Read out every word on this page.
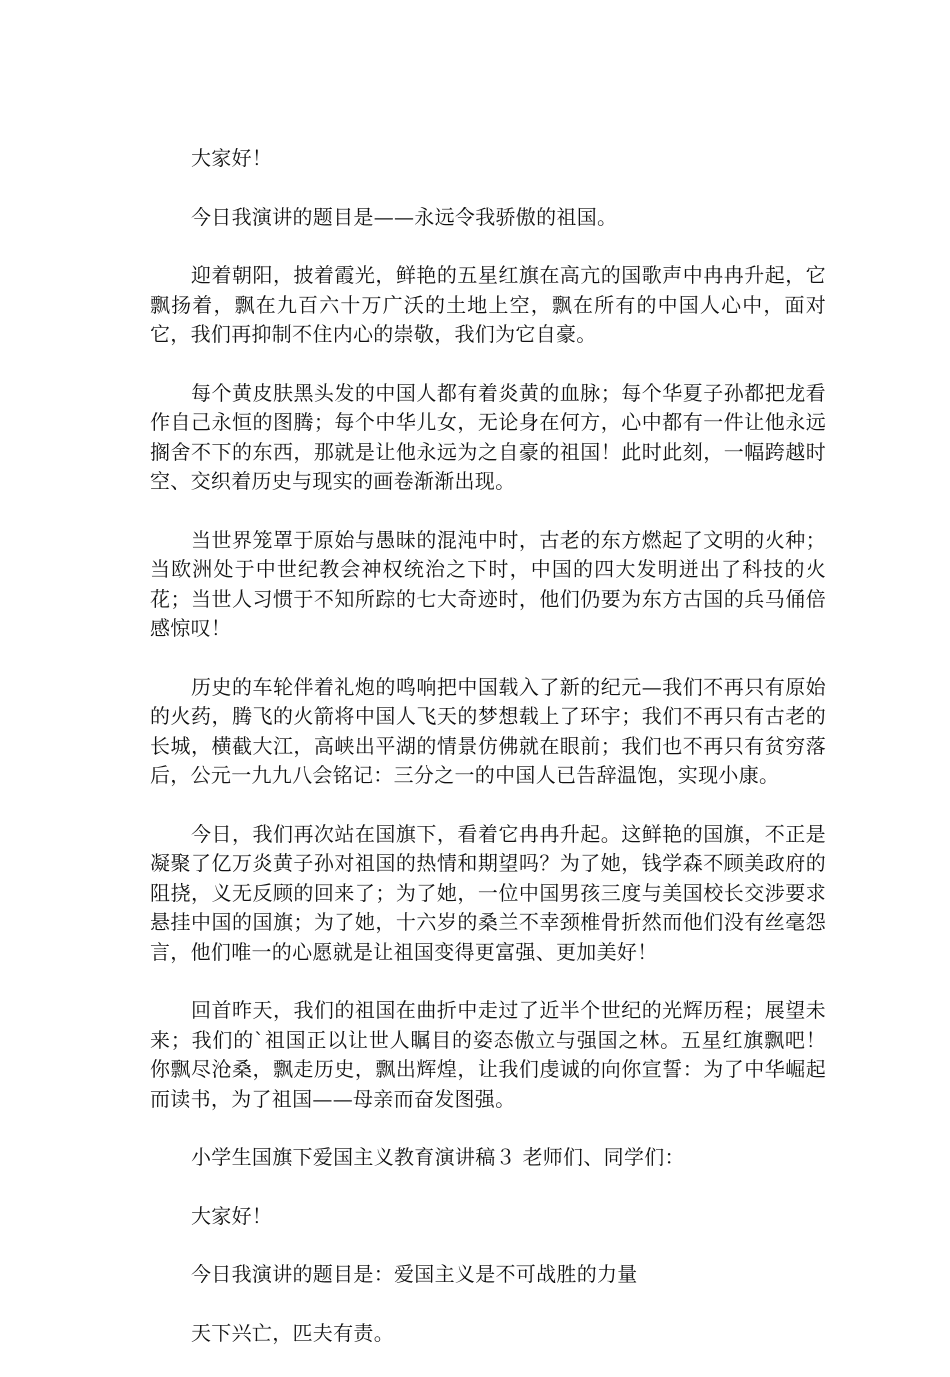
大家好！

今日我演讲的题目是——永远令我骄傲的祖国。

迎着朝阳，披着霞光，鲜艳的五星红旗在高亢的国歌声中冉冉升起，它飘扬着，飘在九百六十万广沃的土地上空，飘在所有的中国人心中，面对它，我们再抑制不住内心的崇敬，我们为它自豪。

每个黄皮肤黑头发的中国人都有着炎黄的血脉；每个华夏子孙都把龙看作自己永恒的图腾；每个中华儿女，无论身在何方，心中都有一件让他永远搁舍不下的东西，那就是让他永远为之自豪的祖国！此时此刻，一幅跨越时空、交织着历史与现实的画卷渐渐出现。

当世界笼罩于原始与愚昧的混沌中时，古老的东方燃起了文明的火种；当欧洲处于中世纪教会神权统治之下时，中国的四大发明迸出了科技的火花；当世人习惯于不知所踪的七大奇迹时，他们仍要为东方古国的兵马俑倍感惊叹！

历史的车轮伴着礼炮的鸣响把中国载入了新的纪元—我们不再只有原始的火药，腾飞的火箭将中国人飞天的梦想载上了环宇；我们不再只有古老的长城，横截大江，高峡出平湖的情景仿佛就在眼前；我们也不再只有贫穷落后，公元一九九八会铭记：三分之一的中国人已告辞温饱，实现小康。

今日，我们再次站在国旗下，看着它冉冉升起。这鲜艳的国旗，不正是凝聚了亿万炎黄子孙对祖国的热情和期望吗？为了她，钱学森不顾美政府的阻挠，义无反顾的回来了；为了她，一位中国男孩三度与美国校长交涉要求悬挂中国的国旗；为了她，十六岁的桑兰不幸颈椎骨折然而他们没有丝毫怨言，他们唯一的心愿就是让祖国变得更富强、更加美好！

回首昨天，我们的祖国在曲折中走过了近半个世纪的光辉历程；展望未来；我们的`祖国正以让世人瞩目的姿态傲立与强国之林。五星红旗飘吧！你飘尽沧桑，飘走历史，飘出辉煌，让我们虔诚的向你宣誓：为了中华崛起而读书，为了祖国——母亲而奋发图强。

小学生国旗下爱国主义教育演讲稿３ 老师们、同学们：

大家好！

今日我演讲的题目是：爱国主义是不可战胜的力量

天下兴亡，匹夫有责。
